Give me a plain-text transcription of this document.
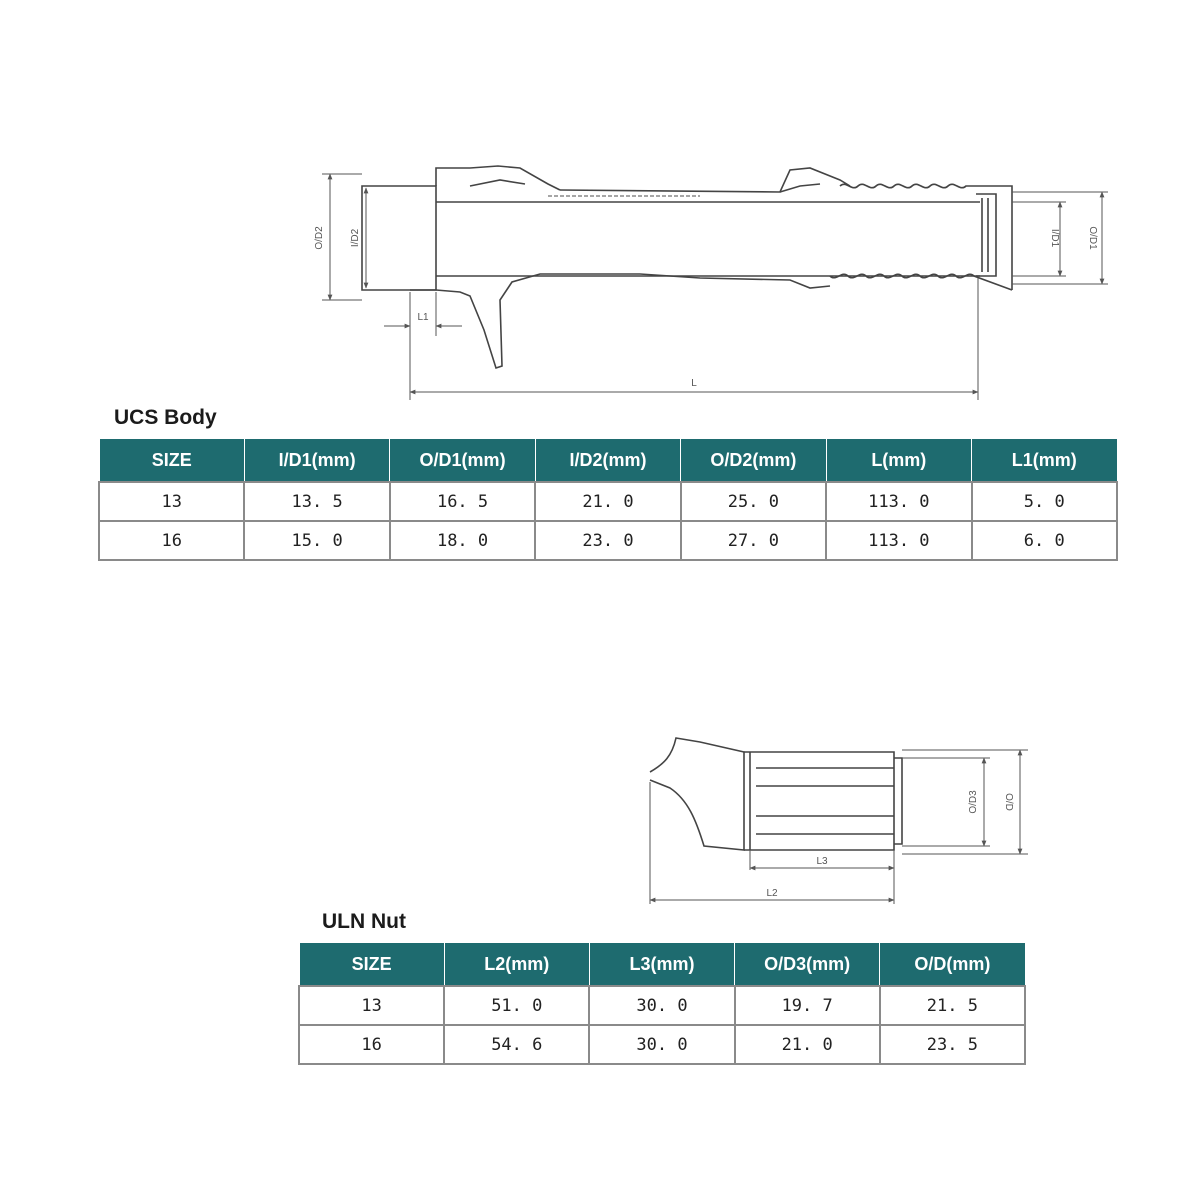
O/D2	I/D2	I/D1	O/D1
L1
L
UCS Body
SIZE	I/D1(mm)	O/D1(mm)	I/D2(mm)	O/D2(mm)	L(mm)	L1(mm)
13	13. 5	16. 5	21. 0	25. 0	113. 0	5. 0
16	15. 0	18. 0	23. 0	27. 0	113. 0	6. 0
O/D3 O/D
L3
L2
ULN Nut
SIZE	L2(mm)	L3(mm)	O/D3(mm)	O/D(mm)
13	51. 0	30. 0	19. 7	21. 5
16	54. 6	30. 0	21. 0	23. 5
